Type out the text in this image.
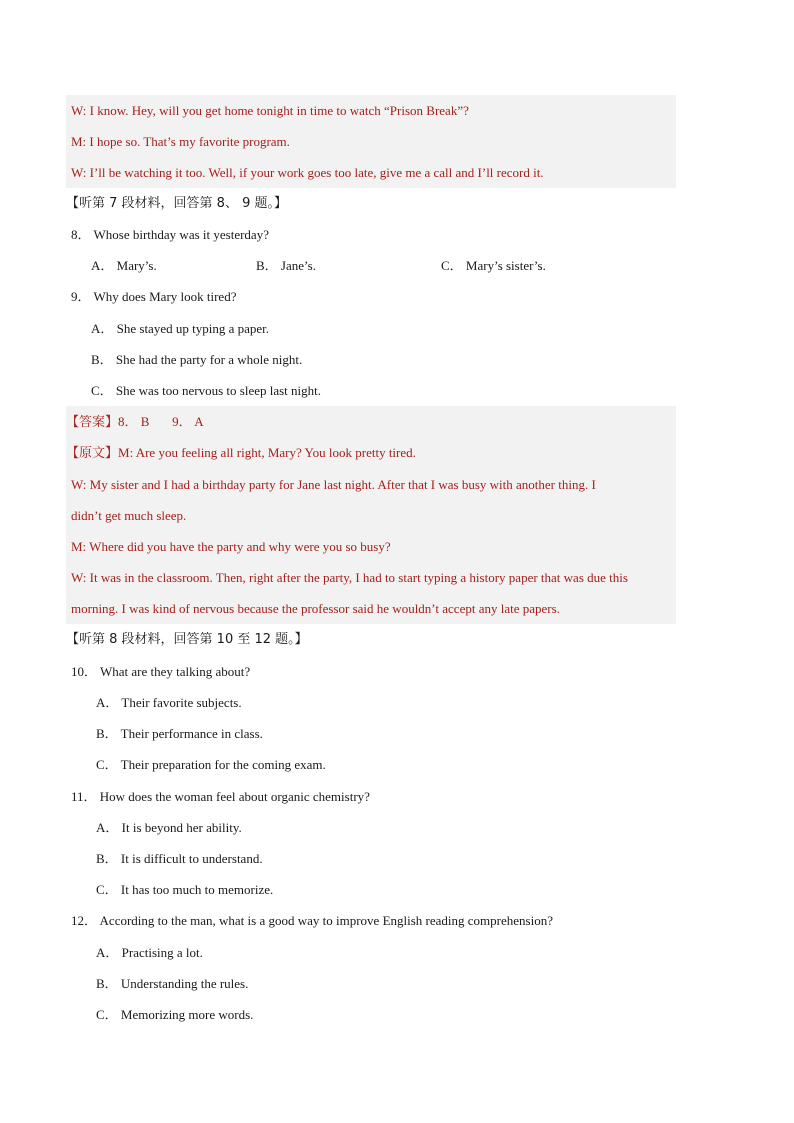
W: I know. Hey, will you get home tonight in time to watch “Prison Break”?
M: I hope so. That’s my favorite program.
W: I’ll be watching it too. Well, if your work goes too late, give me a call and I’ll record it.
【听第 7 段材料，回答第 8、 9 题。】
8． Whose birthday was it yesterday?
A． Mary’s.	B． Jane’s.	C． Mary’s sister’s.
9． Why does Mary look tired?
A． She stayed up typing a paper.
B． She had the party for a whole night.
C． She was too nervous to sleep last night.
【答案】8． B       9． A
【原文】M: Are you feeling all right, Mary? You look pretty tired.
W: My sister and I had a birthday party for Jane last night. After that I was busy with another thing. I
didn’t get much sleep.
M: Where did you have the party and why were you so busy?
W: It was in the classroom. Then, right after the party, I had to start typing a history paper that was due this
morning. I was kind of nervous because the professor said he wouldn’t accept any late papers.
【听第 8 段材料，回答第 10 至 12 题。】
10． What are they talking about?
A． Their favorite subjects.
B． Their performance in class.
C． Their preparation for the coming exam.
11． How does the woman feel about organic chemistry?
A． It is beyond her ability.
B． It is difficult to understand.
C． It has too much to memorize.
12． According to the man, what is a good way to improve English reading comprehension?
A． Practising a lot.
B． Understanding the rules.
C． Memorizing more words.
